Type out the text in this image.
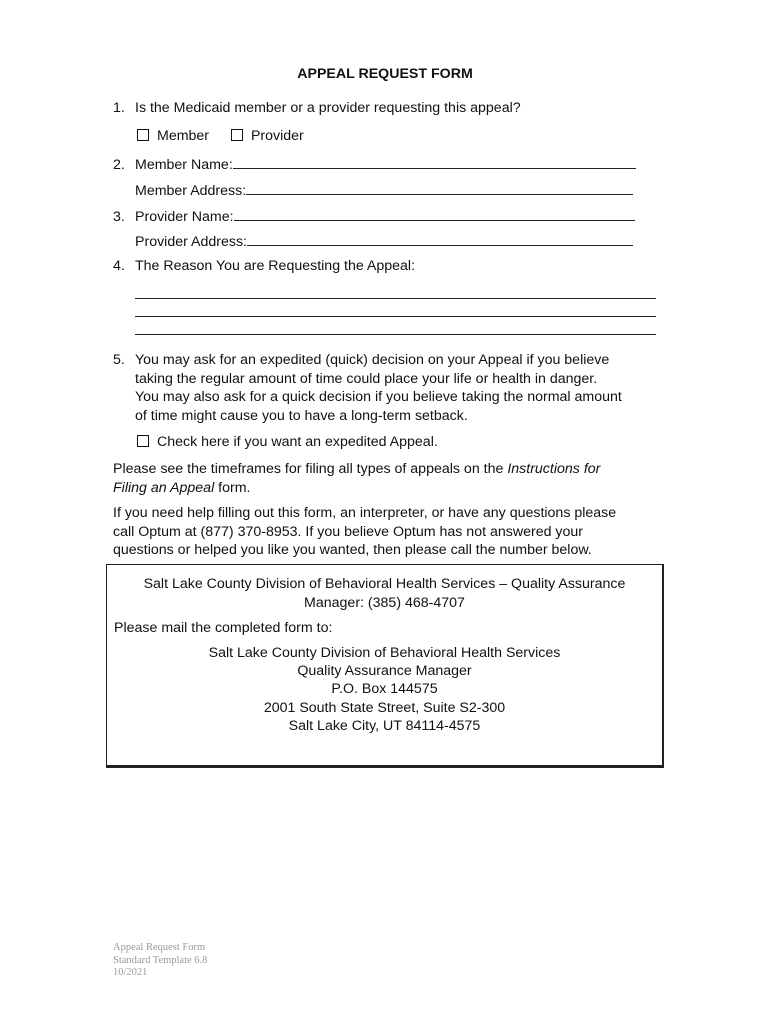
APPEAL REQUEST FORM
1. Is the Medicaid member or a provider requesting this appeal?
Member	Provider
2. Member Name:
Member Address:
3. Provider Name:
Provider Address:
4. The Reason You are Requesting the Appeal:
5. You may ask for an expedited (quick) decision on your Appeal if you believe
taking the regular amount of time could place your life or health in danger.
You may also ask for a quick decision if you believe taking the normal amount
of time might cause you to have a long-term setback.
Check here if you want an expedited Appeal.
Please see the timeframes for filing all types of appeals on the Instructions for
Filing an Appeal form.
If you need help filling out this form, an interpreter, or have any questions please
call Optum at (877) 370-8953. If you believe Optum has not answered your
questions or helped you like you wanted, then please call the number below.
Salt Lake County Division of Behavioral Health Services – Quality Assurance
Manager: (385) 468-4707
Please mail the completed form to:
Salt Lake County Division of Behavioral Health Services
Quality Assurance Manager
P.O. Box 144575
2001 South State Street, Suite S2-300
Salt Lake City, UT 84114-4575
Appeal Request Form
Standard Template 6.8
10/2021
